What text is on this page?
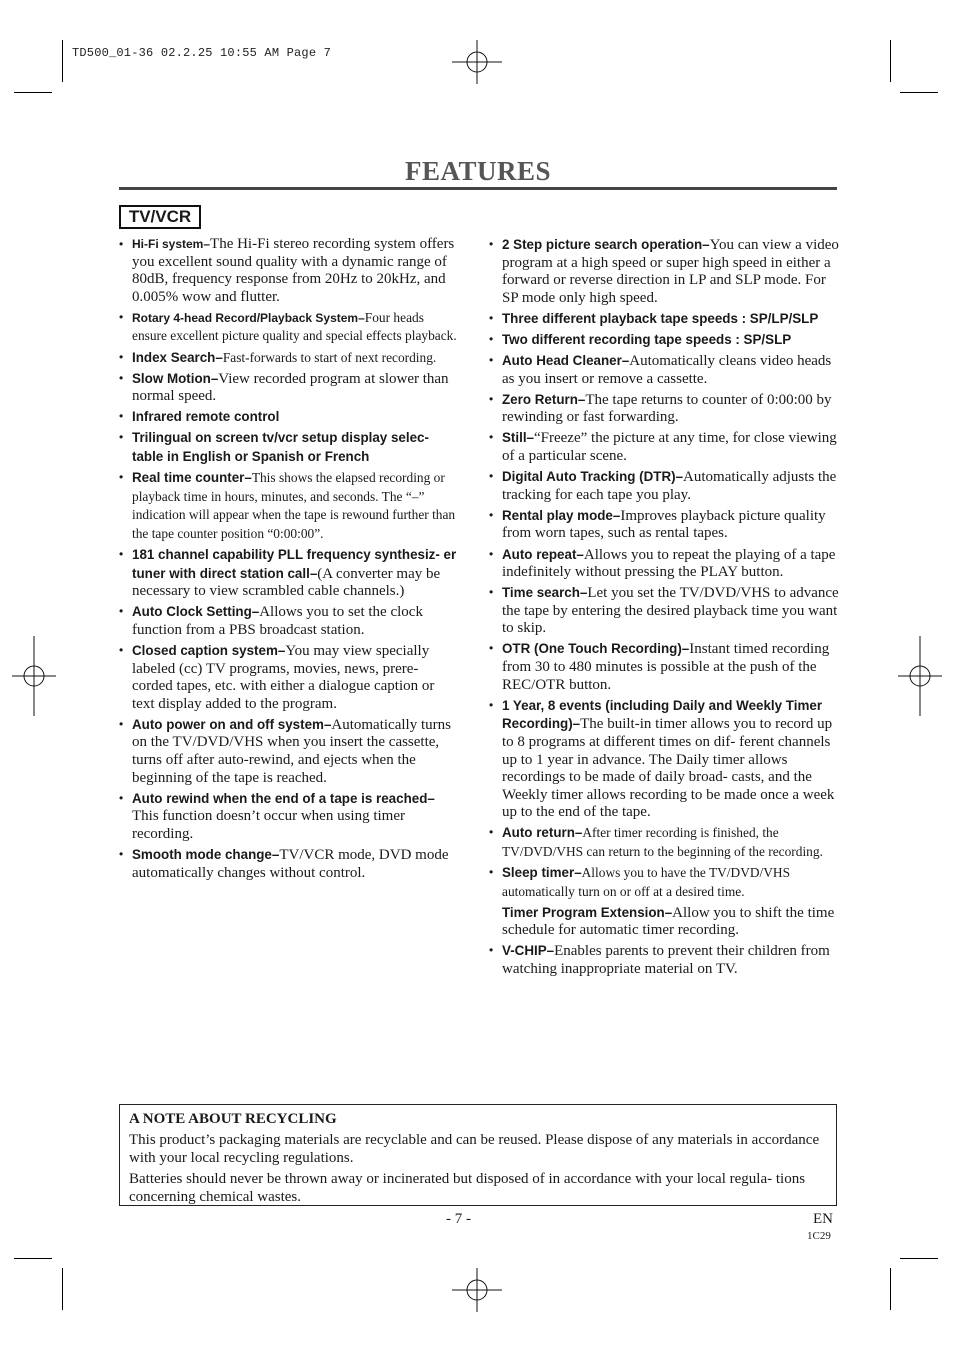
TD500_01-36 02.2.25 10:55 AM Page 7
FEATURES
TV/VCR
• Hi-Fi system–The Hi-Fi stereo recording system offers you excellent sound quality with a dynamic range of 80dB, frequency response from 20Hz to 20kHz, and 0.005% wow and flutter.
• Rotary 4-head Record/Playback System–Four heads ensure excellent picture quality and special effects playback.
• Index Search–Fast-forwards to start of next recording.
• Slow Motion–View recorded program at slower than normal speed.
• Infrared remote control
• Trilingual on screen tv/vcr setup display selec- table in English or Spanish or French
• Real time counter–This shows the elapsed recording or playback time in hours, minutes, and seconds. The “–” indication will appear when the tape is rewound further than the tape counter position “0:00:00”.
• 181 channel capability PLL frequency synthesiz- er tuner with direct station call–(A converter may be necessary to view scrambled cable channels.)
• Auto Clock Setting–Allows you to set the clock function from a PBS broadcast station.
• Closed caption system–You may view specially labeled (cc) TV programs, movies, news, prere- corded tapes, etc. with either a dialogue caption or text display added to the program.
• Auto power on and off system–Automatically turns on the TV/DVD/VHS when you insert the cassette, turns off after auto-rewind, and ejects when the beginning of the tape is reached.
• Auto rewind when the end of a tape is reached–This function doesn’t occur when using timer recording.
• Smooth mode change–TV/VCR mode, DVD mode automatically changes without control.
• 2 Step picture search operation–You can view a video program at a high speed or super high speed in either a forward or reverse direction in LP and SLP mode. For SP mode only high speed.
• Three different playback tape speeds : SP/LP/SLP
• Two different recording tape speeds : SP/SLP
• Auto Head Cleaner–Automatically cleans video heads as you insert or remove a cassette.
• Zero Return–The tape returns to counter of 0:00:00 by rewinding or fast forwarding.
• Still–“Freeze” the picture at any time, for close viewing of a particular scene.
• Digital Auto Tracking (DTR)–Automatically adjusts the tracking for each tape you play.
• Rental play mode–Improves playback picture quality from worn tapes, such as rental tapes.
• Auto repeat–Allows you to repeat the playing of a tape indefinitely without pressing the PLAY button.
• Time search–Let you set the TV/DVD/VHS to advance the tape by entering the desired playback time you want to skip.
• OTR (One Touch Recording)–Instant timed recording from 30 to 480 minutes is possible at the push of the REC/OTR button.
• 1 Year, 8 events (including Daily and Weekly Timer Recording)–The built-in timer allows you to record up to 8 programs at different times on dif- ferent channels up to 1 year in advance. The Daily timer allows recordings to be made of daily broad- casts, and the Weekly timer allows recording to be made once a week up to the end of the tape.
• Auto return–After timer recording is finished, the TV/DVD/VHS can return to the beginning of the recording.
• Sleep timer–Allows you to have the TV/DVD/VHS automatically turn on or off at a desired time.
Timer Program Extension–Allow you to shift the time schedule for automatic timer recording.
• V-CHIP–Enables parents to prevent their children from watching inappropriate material on TV.

A NOTE ABOUT RECYCLING

This product’s packaging materials are recyclable and can be reused. Please dispose of any materials in accordance with your local recycling regulations.

Batteries should never be thrown away or incinerated but disposed of in accordance with your local regula- tions concerning chemical wastes.

- 7 -	EN
1C29
